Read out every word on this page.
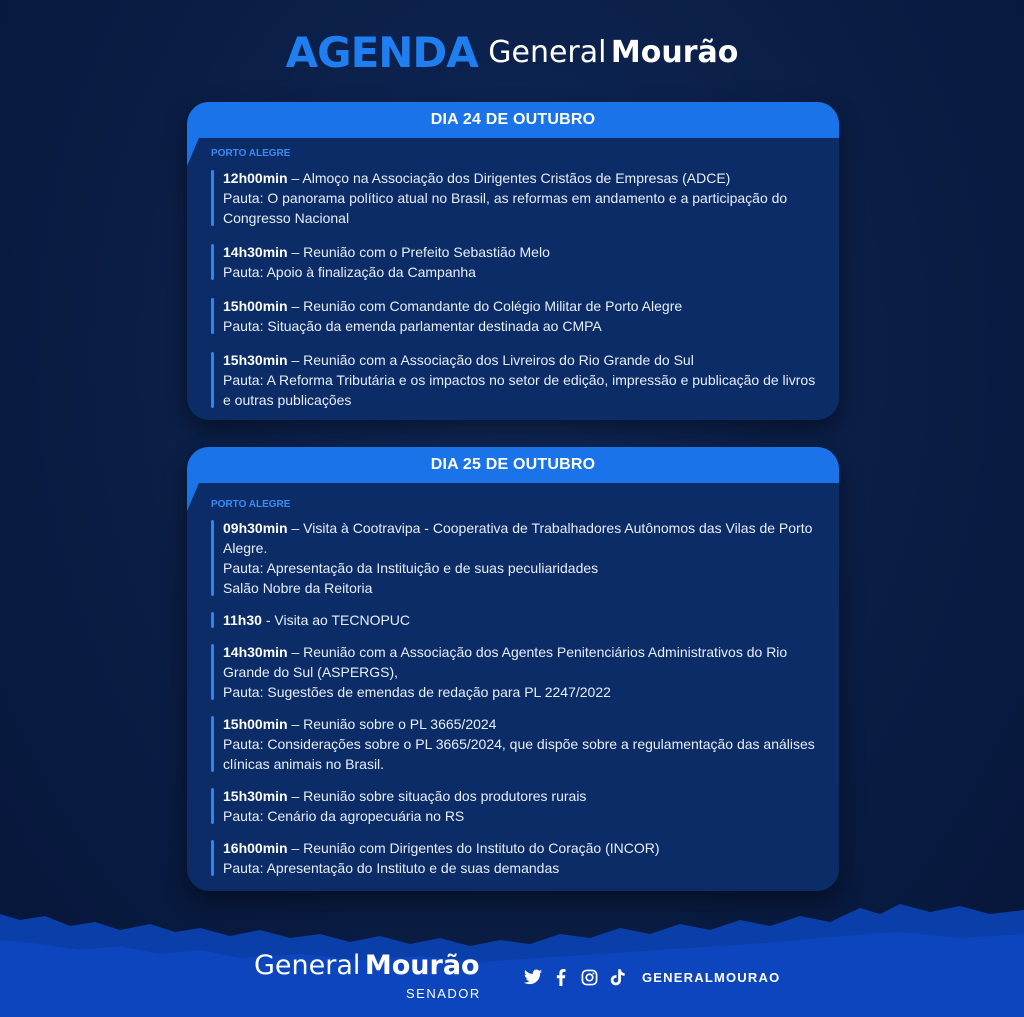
AGENDA General Mourão
DIA 24 DE OUTUBRO
PORTO ALEGRE
12h00min – Almoço na Associação dos Dirigentes Cristãos de Empresas (ADCE)
Pauta: O panorama político atual no Brasil, as reformas em andamento e a participação do Congresso Nacional
14h30min – Reunião com o Prefeito Sebastião Melo
Pauta: Apoio à finalização da Campanha
15h00min – Reunião com Comandante do Colégio Militar de Porto Alegre
Pauta: Situação da emenda parlamentar destinada ao CMPA
15h30min – Reunião com a Associação dos Livreiros do Rio Grande do Sul
Pauta: A Reforma Tributária e os impactos no setor de edição, impressão e publicação de livros e outras publicações
DIA 25 DE OUTUBRO
PORTO ALEGRE
09h30min – Visita à Cootravipa - Cooperativa de Trabalhadores Autônomos das Vilas de Porto Alegre.
Pauta: Apresentação da Instituição e de suas peculiaridades
Salão Nobre da Reitoria
11h30 - Visita ao TECNOPUC
14h30min – Reunião com a Associação dos Agentes Penitenciários Administrativos do Rio Grande do Sul (ASPERGS),
Pauta: Sugestões de emendas de redação para PL 2247/2022
15h00min – Reunião sobre o PL 3665/2024
Pauta: Considerações sobre o PL 3665/2024, que dispõe sobre a regulamentação das análises clínicas animais no Brasil.
15h30min – Reunião sobre situação dos produtores rurais
Pauta: Cenário da agropecuária no RS
16h00min – Reunião com Dirigentes do Instituto do Coração (INCOR)
Pauta: Apresentação do Instituto e de suas demandas
General Mourão
SENADOR
GENERALMOURAO
